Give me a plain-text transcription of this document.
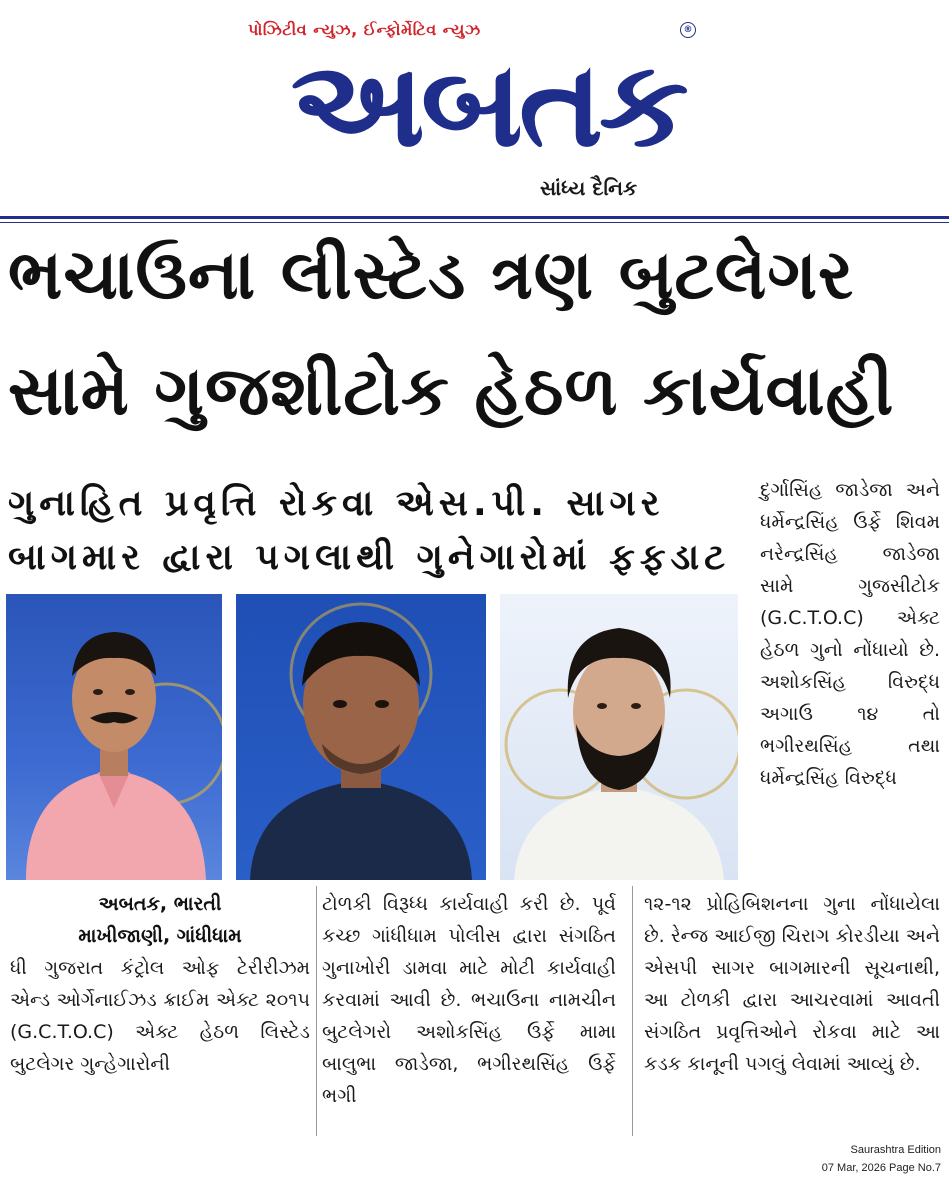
પોઝિટીવ ન્યુઝ, ઈન્ફોર્મેટિવ ન્યુઝ	®
અબતક
સાંધ્ય દૈનિક
ભચાઉના લીસ્ટેડ ત્રણ બુટલેગર
સામે ગુજશીટોક હેઠળ કાર્યવાહી
ગુનાહિત પ્રવૃત્તિ રોકવા એસ.પી. સાગર
બાગમાર દ્વારા પગલાથી ગુનેગારોમાં ફફડાટ

દુર્ગાસિંહ જાડેજા અને ધર્મેન્દ્રસિંહ ઉર્ફે શિવમ નરેન્દ્રસિંહ જાડેજા સામે ગુજસીટોક (G.C.T.O.C) એક્ટ હેઠળ ગુનો નોંધાયો છે. અશોકસિંહ વિરુદ્ધ અગાઉ ૧૪ તો ભગીરથસિંહ તથા ધર્મેન્દ્રસિંહ વિરુદ્ધ

અબતક, ભારતી
માખીજાણી, ગાંધીધામ

ધી ગુજરાત કંટ્રોલ ઓફ ટેરીરીઝમ એન્ડ ઓર્ગેનાઈઝડ ક્રાઈમ એક્ટ ૨૦૧૫ (G.C.T.O.C) એક્ટ હેઠળ લિસ્ટેડ બુટલેગર ગુન્હેગારોની

ટોળકી વિરૂધ્ધ કાર્યવાહી કરી છે. પૂર્વ કચ્છ ગાંધીધામ પોલીસ દ્વારા સંગઠિત ગુનાખોરી ડામવા માટે મોટી કાર્યવાહી કરવામાં આવી છે. ભચાઉના નામચીન બુટલેગરો અશોકસિંહ ઉર્ફે મામા બાલુભા જાડેજા, ભગીરથસિંહ ઉર્ફે ભગી

૧૨-૧૨ પ્રોહિબિશનના ગુના નોંધાયેલા છે. રેન્જ આઈજી ચિરાગ કોરડીયા અને એસપી સાગર બાગમારની સૂચનાથી, આ ટોળકી દ્વારા આચરવામાં આવતી સંગઠિત પ્રવૃત્તિઓને રોકવા માટે આ કડક કાનૂની પગલું લેવામાં આવ્યું છે.

Saurashtra Edition
07 Mar, 2026 Page No.7
